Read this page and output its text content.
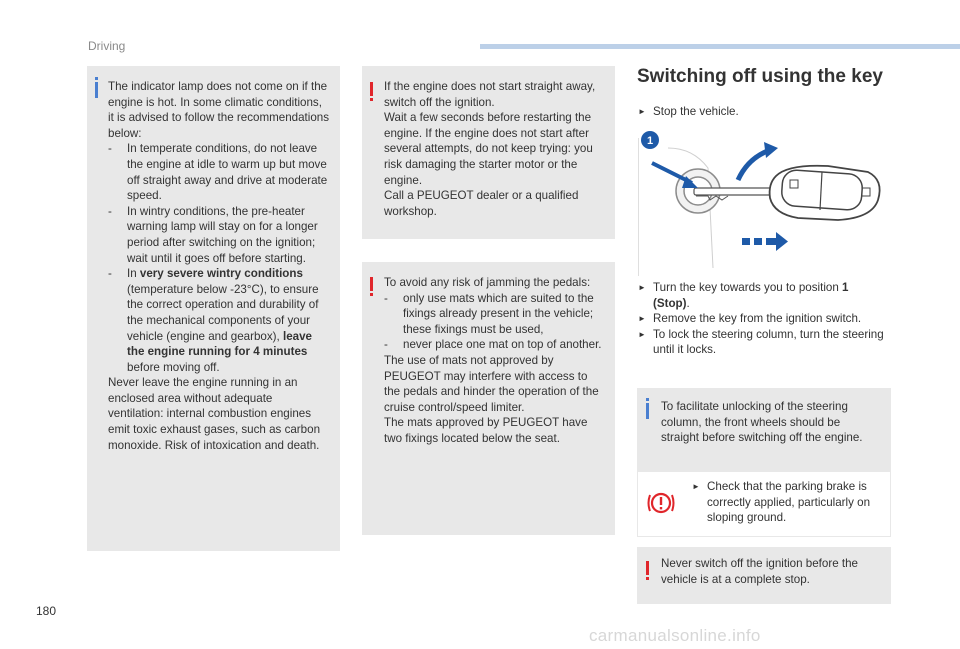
Driving

The indicator lamp does not come on if the engine is hot. In some climatic conditions, it is advised to follow the recommendations below:

- In temperate conditions, do not leave the engine at idle to warm up but move off straight away and drive at moderate speed.
- In wintry conditions, the pre-heater warning lamp will stay on for a longer period after switching on the ignition; wait until it goes off before starting.
- In very severe wintry conditions (temperature below -23°C), to ensure the correct operation and durability of the mechanical components of your vehicle (engine and gearbox), leave the engine running for 4 minutes before moving off.

Never leave the engine running in an enclosed area without adequate ventilation: internal combustion engines emit toxic exhaust gases, such as carbon monoxide. Risk of intoxication and death.

If the engine does not start straight away, switch off the ignition.

Wait a few seconds before restarting the engine. If the engine does not start after several attempts, do not keep trying: you risk damaging the starter motor or the engine.

Call a PEUGEOT dealer or a qualified workshop.

To avoid any risk of jamming the pedals:

- only use mats which are suited to the fixings already present in the vehicle; these fixings must be used,
- never place one mat on top of another.

The use of mats not approved by PEUGEOT may interfere with access to the pedals and hinder the operation of the cruise control/speed limiter.

The mats approved by PEUGEOT have two fixings located below the seat.

Switching off using the key
► Stop the vehicle.
1
► Turn the key towards you to position 1 (Stop).
► Remove the key from the ignition switch.
► To lock the steering column, turn the steering until it locks.

To facilitate unlocking of the steering column, the front wheels should be straight before switching off the engine.

► Check that the parking brake is correctly applied, particularly on sloping ground.

Never switch off the ignition before the vehicle is at a complete stop.

180
carmanualsonline.info
